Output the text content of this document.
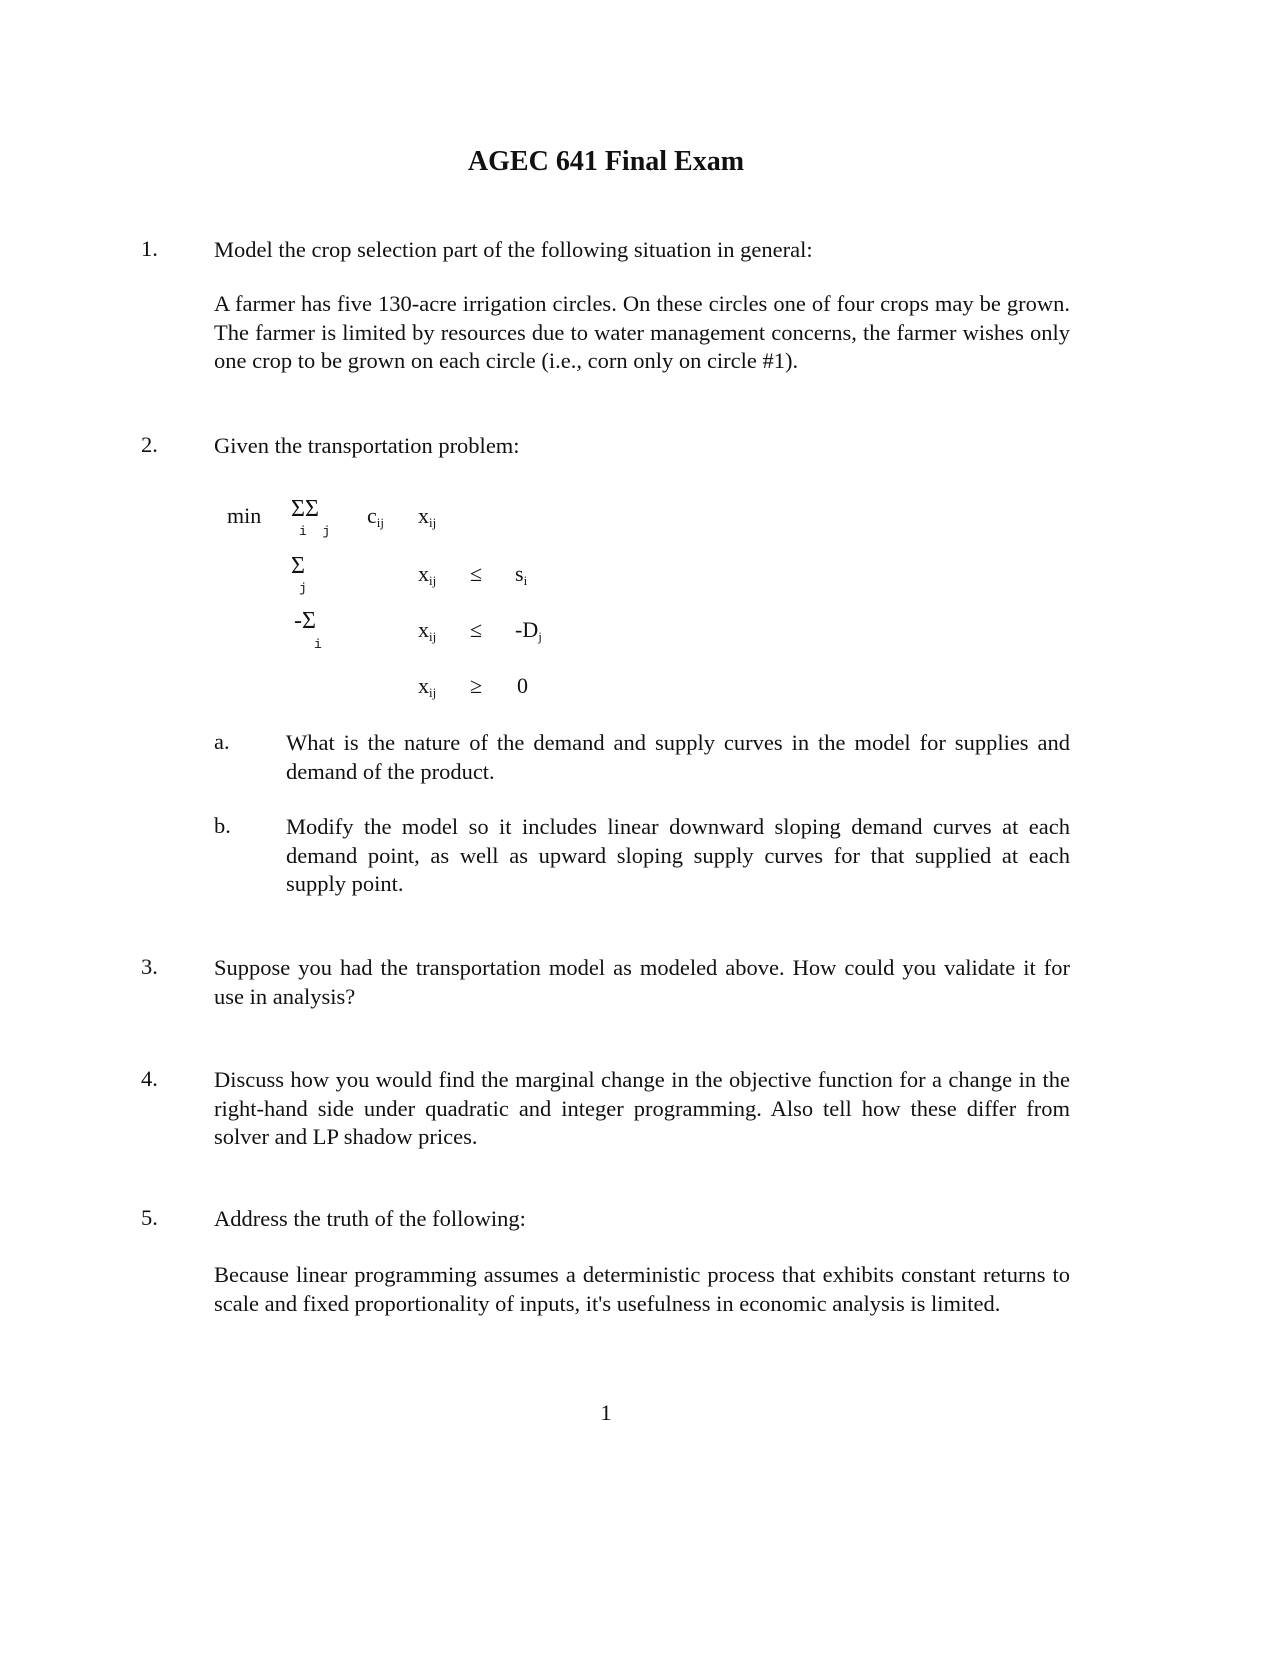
AGEC 641 Final Exam
1. Model the crop selection part of the following situation in general:
A farmer has five 130-acre irrigation circles. On these circles one of four crops may be grown. The farmer is limited by resources due to water management concerns, the farmer wishes only one crop to be grown on each circle (i.e., corn only on circle #1).
2. Given the transportation problem:
min ΣΣ
i  j
$c_{ij}$ $x_{ij}$
Σ
j
$x_{ij} \le s_i$
-Σ
i
$x_{ij} \le -D_j$
$x_{ij} \ge 0$
a.	What is the nature of the demand and supply curves in the model for supplies and demand of the product.
b. Modify the model so it includes linear downward sloping demand curves at each demand point, as well as upward sloping supply curves for that supplied at each supply point.
3. Suppose you had the transportation model as modeled above. How could you validate it for use in analysis?
4. Discuss how you would find the marginal change in the objective function for a change in the right-hand side under quadratic and integer programming. Also tell how these differ from solver and LP shadow prices.
5. Address the truth of the following:
Because linear programming assumes a deterministic process that exhibits constant returns to scale and fixed proportionality of inputs, it's usefulness in economic analysis is limited.
1
